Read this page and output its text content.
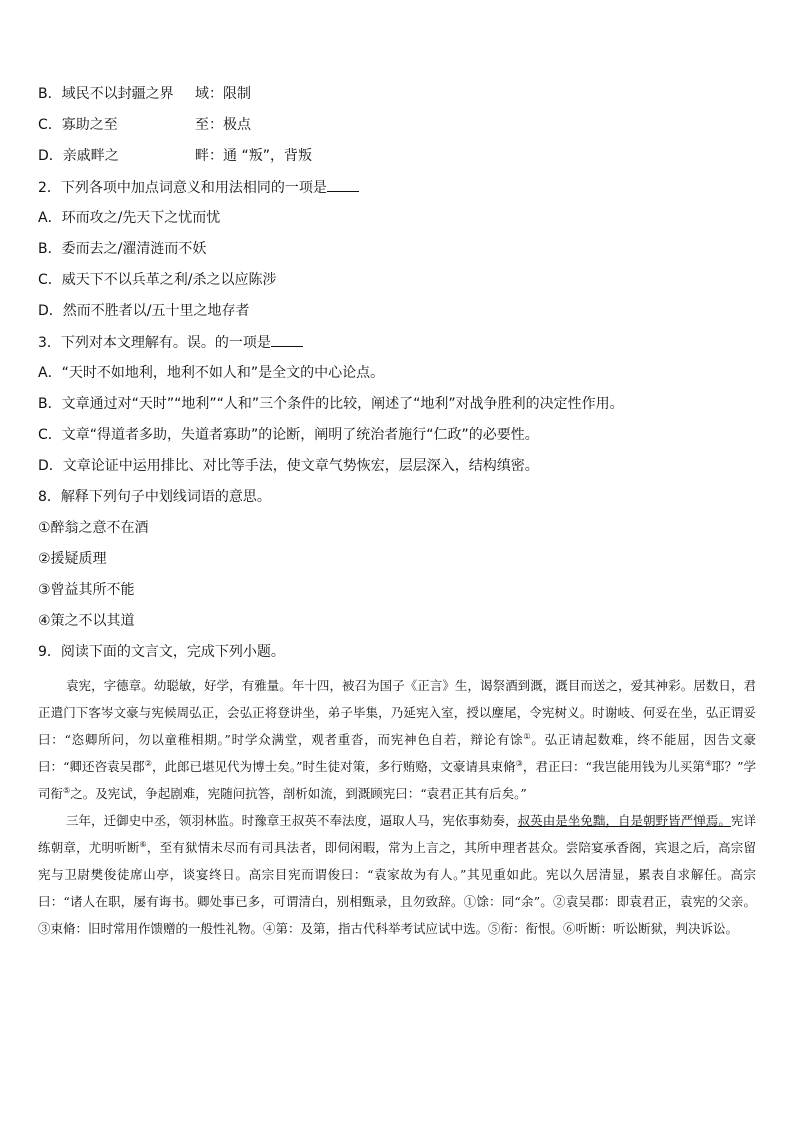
B．域民不以封疆之界 域：限制
C．寡助之至	至：极点
D．亲戚畔之	畔：通 “叛”，背叛
2．下列各项中加点词意义和用法相同的一项是
A．环而攻之/先天下之忧而忧
B．委而去之/濯清涟而不妖
C．威天下不以兵革之利/杀之以应陈涉
D．然而不胜者以/五十里之地存者
3．下列对本文理解有。误。的一项是
A．“天时不如地利，地利不如人和”是全文的中心论点。
B．文章通过对“天时”“地利”“人和”三个条件的比较，阐述了“地利”对战争胜利的决定性作用。
C．文章“得道者多助，失道者寡助”的论断，阐明了统治者施行“仁政”的必要性。
D．文章论证中运用排比、对比等手法，使文章气势恢宏，层层深入，结构缜密。
8．解释下列句子中划线词语的意思。
①醉翁之意不在酒
②援疑质理
③曾益其所不能
④策之不以其道
9．阅读下面的文言文，完成下列小题。

袁宪，字德章。幼聪敏，好学，有雅量。年十四，被召为国子《正言》生，谒祭酒到溉，溉目而送之，爱其神彩。居数日，君正遣门下客岑文豪与宪候周弘正，会弘正将登讲坐，弟子毕集，乃延宪入室，授以麈尾，令宪树义。时谢岐、何妥在坐，弘正谓妥曰：“恣卿所问，勿以童稚相期。”时学众满堂，观者重沓，而宪神色自若，辩论有馀①。弘正请起数难，终不能屈，因告文豪曰：“卿还咨袁吴郡②，此郎已堪见代为博士矣。”时生徒对策，多行贿赂，文豪请具束脩③，君正曰：“我岂能用钱为儿买第④耶？”学司衔⑤之。及宪试，争起剧难，宪随问抗答，剖析如流，到溉顾宪曰：“袁君正其有后矣。”

三年，迁御史中丞，领羽林监。时豫章王叔英不奉法度，逼取人马，宪依事劾奏，叔英由是坐免黜，自是朝野皆严惮焉。宪详练朝章，尤明听断⑥，至有狱情未尽而有司具法者，即伺闲暇，常为上言之，其所申理者甚众。尝陪宴承香阁，宾退之后，高宗留宪与卫尉樊俊徒席山亭，谈宴终日。高宗目宪而谓俊曰：“袁家故为有人。”其见重如此。宪以久居清显，累表自求解任。高宗曰：“诸人在职，屡有诲书。卿处事已多，可谓清白，别相甄录，且勿致辞。①馀：同“余”。②袁吴郡：即袁君正，袁宪的父亲。③束脩：旧时常用作馈赠的一般性礼物。④第：及第，指古代科举考试应试中选。⑤衔：衔恨。⑥听断：听讼断狱，判决诉讼。
